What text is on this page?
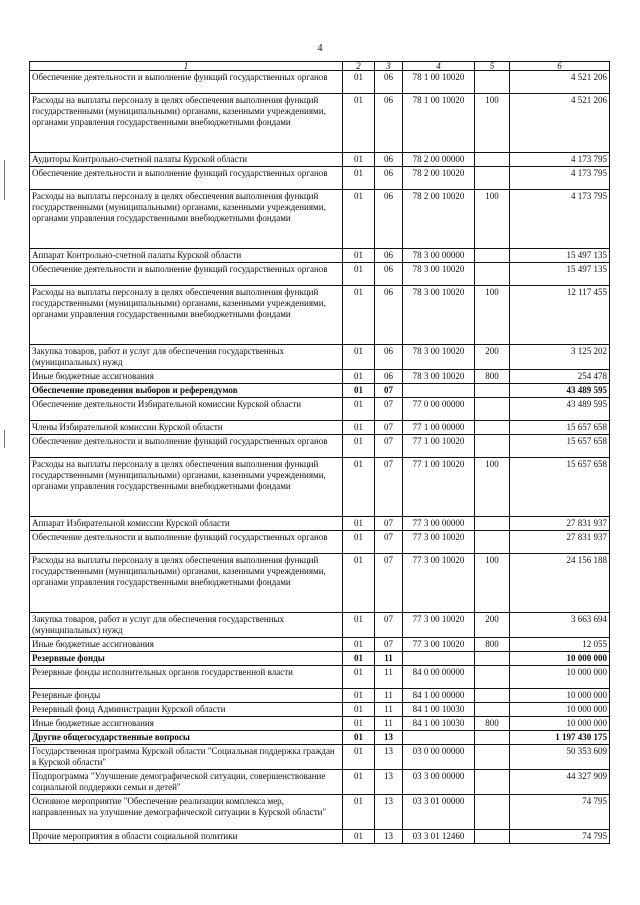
4
1	2	3	4	5	6
Обеспечение деятельности и выполнение функций государственных органов	01	06	78 1 00 10020		4 521 206
Расходы на выплаты персоналу в целях обеспечения выполнения функций государственными (муниципальными) органами, казенными учреждениями, органами управления государственными внебюджетными фондами	01	06	78 1 00 10020	100	4 521 206
Аудиторы Контрольно-счетной палаты Курской области	01	06	78 2 00 00000		4 173 795
Обеспечение деятельности и выполнение функций государственных органов	01	06	78 2 00 10020		4 173 795
Расходы на выплаты персоналу в целях обеспечения выполнения функций государственными (муниципальными) органами, казенными учреждениями, органами управления государственными внебюджетными фондами	01	06	78 2 00 10020	100	4 173 795
Аппарат Контрольно-счетной палаты Курской области	01	06	78 3 00 00000		15 497 135
Обеспечение деятельности и выполнение функций государственных органов	01	06	78 3 00 10020		15 497 135
Расходы на выплаты персоналу в целях обеспечения выполнения функций государственными (муниципальными) органами, казенными учреждениями, органами управления государственными внебюджетными фондами	01	06	78 3 00 10020	100	12 117 455
Закупка товаров, работ и услуг для обеспечения государственных (муниципальных) нужд	01	06	78 3 00 10020	200	3 125 202
Иные бюджетные ассигнования	01	06	78 3 00 10020	800	254 478
Обеспечение проведения выборов и референдумов	01	07			43 489 595
Обеспечение деятельности Избирательной комиссии Курской области	01	07	77 0 00 00000		43 489 595
Члены Избирательной комиссии Курской области	01	07	77 1 00 00000		15 657 658
Обеспечение деятельности и выполнение функций государственных органов	01	07	77 1 00 10020		15 657 658
Расходы на выплаты персоналу в целях обеспечения выполнения функций государственными (муниципальными) органами, казенными учреждениями, органами управления государственными внебюджетными фондами	01	07	77 1 00 10020	100	15 657 658
Аппарат Избирательной комиссии Курской области	01	07	77 3 00 00000		27 831 937
Обеспечение деятельности и выполнение функций государственных органов	01	07	77 3 00 10020		27 831 937
Расходы на выплаты персоналу в целях обеспечения выполнения функций государственными (муниципальными) органами, казенными учреждениями, органами управления государственными внебюджетными фондами	01	07	77 3 00 10020	100	24 156 188
Закупка товаров, работ и услуг для обеспечения государственных (муниципальных) нужд	01	07	77 3 00 10020	200	3 663 694
Иные бюджетные ассигнования	01	07	77 3 00 10020	800	12 055
Резервные фонды	01	11			10 000 000
Резервные фонды исполнительных органов государственной власти	01	11	84 0 00 00000		10 000 000
Резервные фонды	01	11	84 1 00 00000		10 000 000
Резервный фонд Администрации Курской области	01	11	84 1 00 10030		10 000 000
Иные бюджетные ассигнования	01	11	84 1 00 10030	800	10 000 000
Другие общегосударственные вопросы	01	13			1 197 430 175
Государственная программа Курской области "Социальная поддержка граждан в Курской области"	01	13	03 0 00 00000		50 353 609
Подпрограмма "Улучшение демографической ситуации, совершенствование социальной поддержки семьи и детей"	01	13	03 3 00 00000		44 327 909
Основное мероприятие "Обеспечение реализации комплекса мер, направленных на улучшение демографической ситуации в Курской области"	01	13	03 3 01 00000		74 795
Прочие мероприятия в области социальной политики	01	13	03 3 01 12460		74 795
